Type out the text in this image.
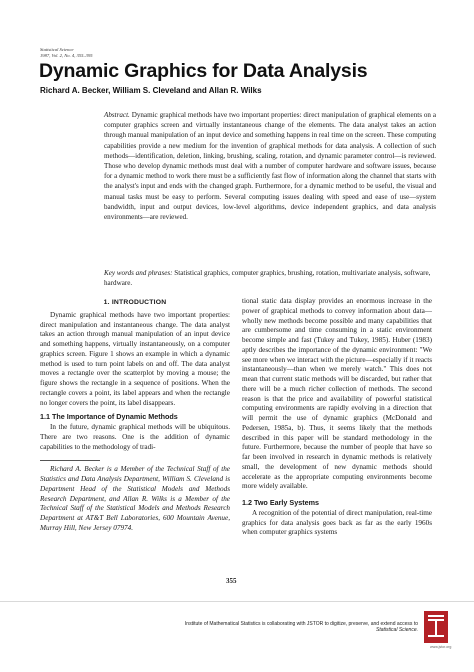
Statistical Science
1987, Vol. 2, No. 4, 355–395
Dynamic Graphics for Data Analysis
Richard A. Becker, William S. Cleveland and Allan R. Wilks
Abstract. Dynamic graphical methods have two important properties: direct manipulation of graphical elements on a computer graphics screen and virtually instantaneous change of the elements. The data analyst takes an action through manual manipulation of an input device and something happens in real time on the screen. These computing capabilities provide a new medium for the invention of graphical methods for data analysis. A collection of such methods—identification, deletion, linking, brushing, scaling, rotation, and dynamic parameter control—is reviewed. Those who develop dynamic methods must deal with a number of computer hardware and software issues, because for a dynamic method to work there must be a sufficiently fast flow of information along the channel that starts with the analyst's input and ends with the changed graph. Furthermore, for a dynamic method to be useful, the visual and manual tasks must be easy to perform. Several computing issues dealing with speed and ease of use—system bandwidth, input and output devices, low-level algorithms, device independent graphics, and data analysis environments—are reviewed.
Key words and phrases: Statistical graphics, computer graphics, brushing, rotation, multivariate analysis, software, hardware.
1. INTRODUCTION

Dynamic graphical methods have two important properties: direct manipulation and instantaneous change. The data analyst takes an action through manual manipulation of an input device and something happens, virtually instantaneously, on a computer graphics screen. Figure 1 shows an example in which a dynamic method is used to turn point labels on and off. The data analyst moves a rectangle over the scatterplot by moving a mouse; the figure shows the rectangle in a sequence of positions. When the rectangle covers a point, its label appears and when the rectangle no longer covers the point, its label disappears.

1.1 The Importance of Dynamic Methods

In the future, dynamic graphical methods will be ubiquitous. There are two reasons. One is the addition of dynamic capabilities to the methodology of tradi-

Richard A. Becker is a Member of the Technical Staff of the Statistics and Data Analysis Department, William S. Cleveland is Department Head of the Statistical Models and Methods Research Department, and Allan R. Wilks is a Member of the Technical Staff of the Statistical Models and Methods Research Department at AT&T Bell Laboratories, 600 Mountain Avenue, Murray Hill, New Jersey 07974.

tional static data display provides an enormous increase in the power of graphical methods to convey information about data—wholly new methods become possible and many capabilities that are cumbersome and time consuming in a static environment become simple and fast (Tukey and Tukey, 1985). Huber (1983) aptly describes the importance of the dynamic environment: "We see more when we interact with the picture—especially if it reacts instantaneously—than when we merely watch." This does not mean that current static methods will be discarded, but rather that there will be a much richer collection of methods. The second reason is that the price and availability of powerful statistical computing environments are rapidly evolving in a direction that will permit the use of dynamic graphics (McDonald and Pedersen, 1985a, b). Thus, it seems likely that the methods described in this paper will be standard methodology in the future. Furthermore, because the number of people that have so far been involved in research in dynamic methods is relatively small, the development of new dynamic methods should accelerate as the appropriate computing environments become more widely available.

1.2 Two Early Systems

A recognition of the potential of direct manipulation, real-time graphics for data analysis goes back as far as the early 1960s when computer graphics systems

355
Institute of Mathematical Statistics is collaborating with JSTOR to digitize, preserve, and extend access to
Statistical Science.
www.jstor.org
